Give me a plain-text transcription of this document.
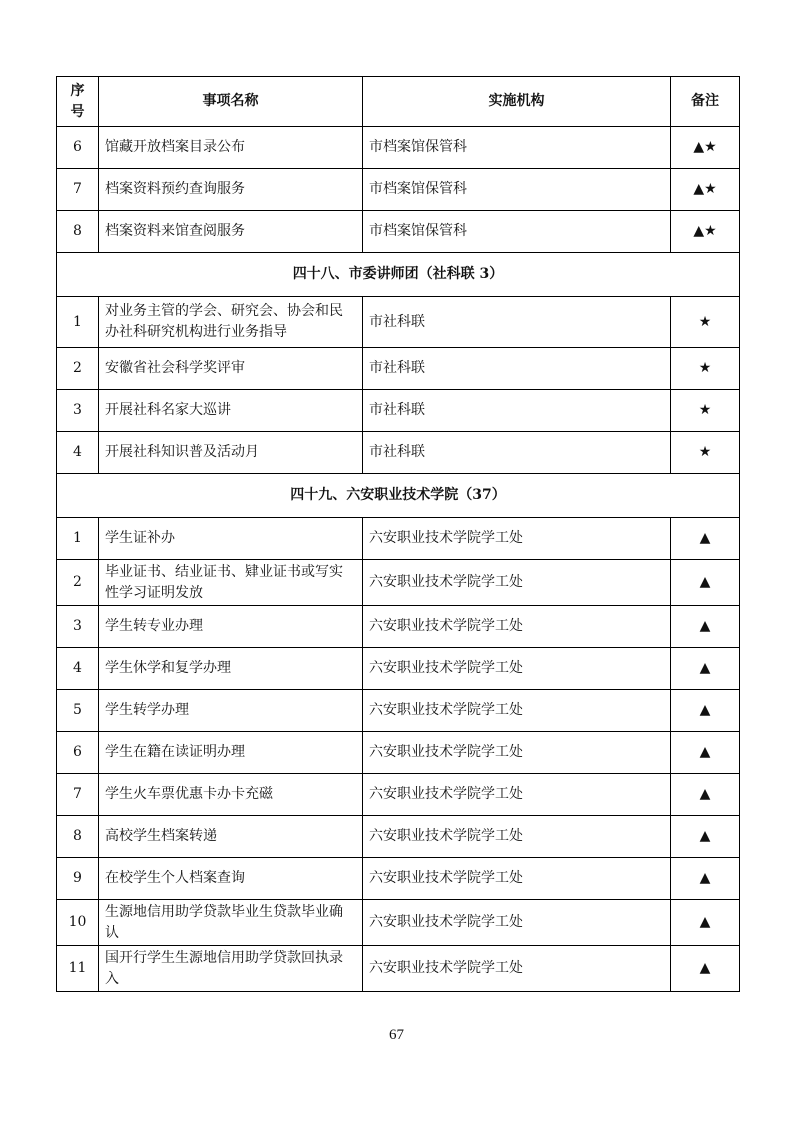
序号	事项名称	实施机构	备注
6	馆藏开放档案目录公布	市档案馆保管科	▲★
7	档案资料预约查询服务	市档案馆保管科	▲★
8	档案资料来馆查阅服务	市档案馆保管科	▲★
四十八、市委讲师团（社科联 3）			
1	对业务主管的学会、研究会、协会和民办社科研究机构进行业务指导	市社科联	★
2	安徽省社会科学奖评审	市社科联	★
3	开展社科名家大巡讲	市社科联	★
4	开展社科知识普及活动月	市社科联	★
四十九、六安职业技术学院（37）			
1	学生证补办	六安职业技术学院学工处	▲
2	毕业证书、结业证书、肄业证书或写实性学习证明发放	六安职业技术学院学工处	▲
3	学生转专业办理	六安职业技术学院学工处	▲
4	学生休学和复学办理	六安职业技术学院学工处	▲
5	学生转学办理	六安职业技术学院学工处	▲
6	学生在籍在读证明办理	六安职业技术学院学工处	▲
7	学生火车票优惠卡办卡充磁	六安职业技术学院学工处	▲
8	高校学生档案转递	六安职业技术学院学工处	▲
9	在校学生个人档案查询	六安职业技术学院学工处	▲
10	生源地信用助学贷款毕业生贷款毕业确认	六安职业技术学院学工处	▲
11	国开行学生生源地信用助学贷款回执录入	六安职业技术学院学工处	▲
67
